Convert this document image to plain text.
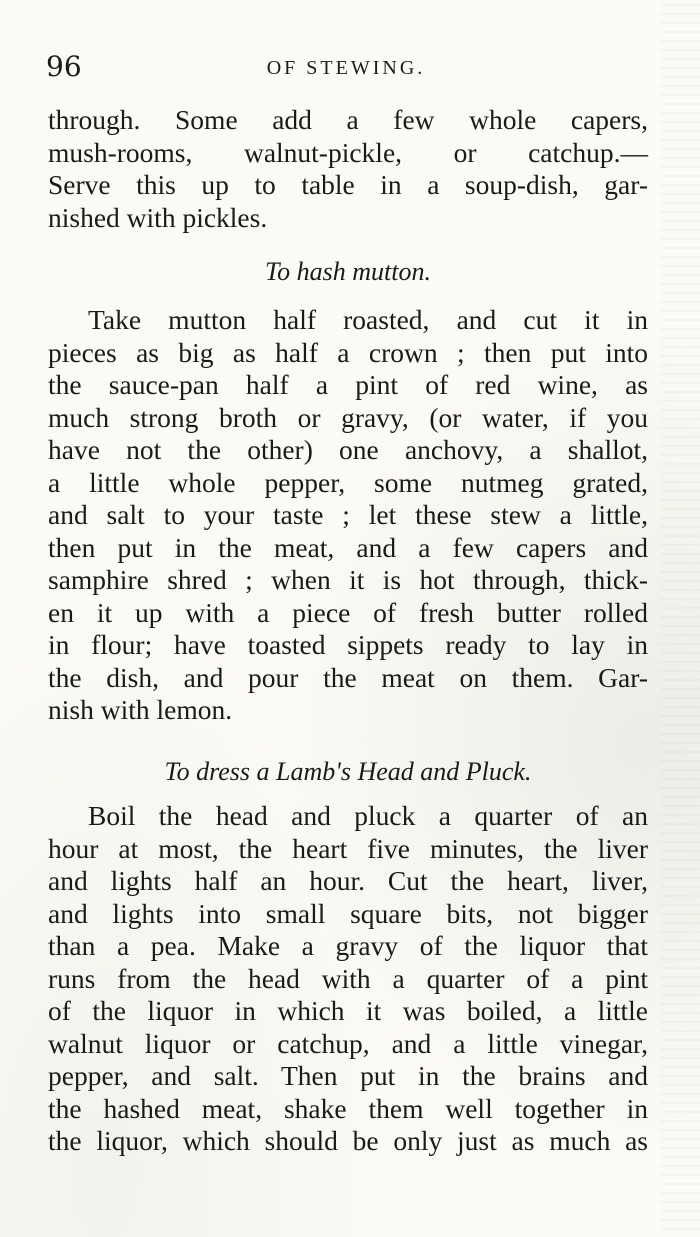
96	OF STEWING.
through. Some add a few whole capers,
mush-rooms, walnut-pickle, or catchup.—
Serve this up to table in a soup-dish, gar-
nished with pickles.
To hash mutton.
Take mutton half roasted, and cut it in
pieces as big as half a crown ; then put into
the sauce-pan half a pint of red wine, as
much strong broth or gravy, (or water, if you
have not the other) one anchovy, a shallot,
a little whole pepper, some nutmeg grated,
and salt to your taste ; let these stew a little,
then put in the meat, and a few capers and
samphire shred ; when it is hot through, thick-
en it up with a piece of fresh butter rolled
in flour; have toasted sippets ready to lay in
the dish, and pour the meat on them. Gar-
nish with lemon.
To dress a Lamb's Head and Pluck.
Boil the head and pluck a quarter of an
hour at most, the heart five minutes, the liver
and lights half an hour. Cut the heart, liver,
and lights into small square bits, not bigger
than a pea. Make a gravy of the liquor that
runs from the head with a quarter of a pint
of the liquor in which it was boiled, a little
walnut liquor or catchup, and a little vinegar,
pepper, and salt. Then put in the brains and
the hashed meat, shake them well together in
the liquor, which should be only just as much as
